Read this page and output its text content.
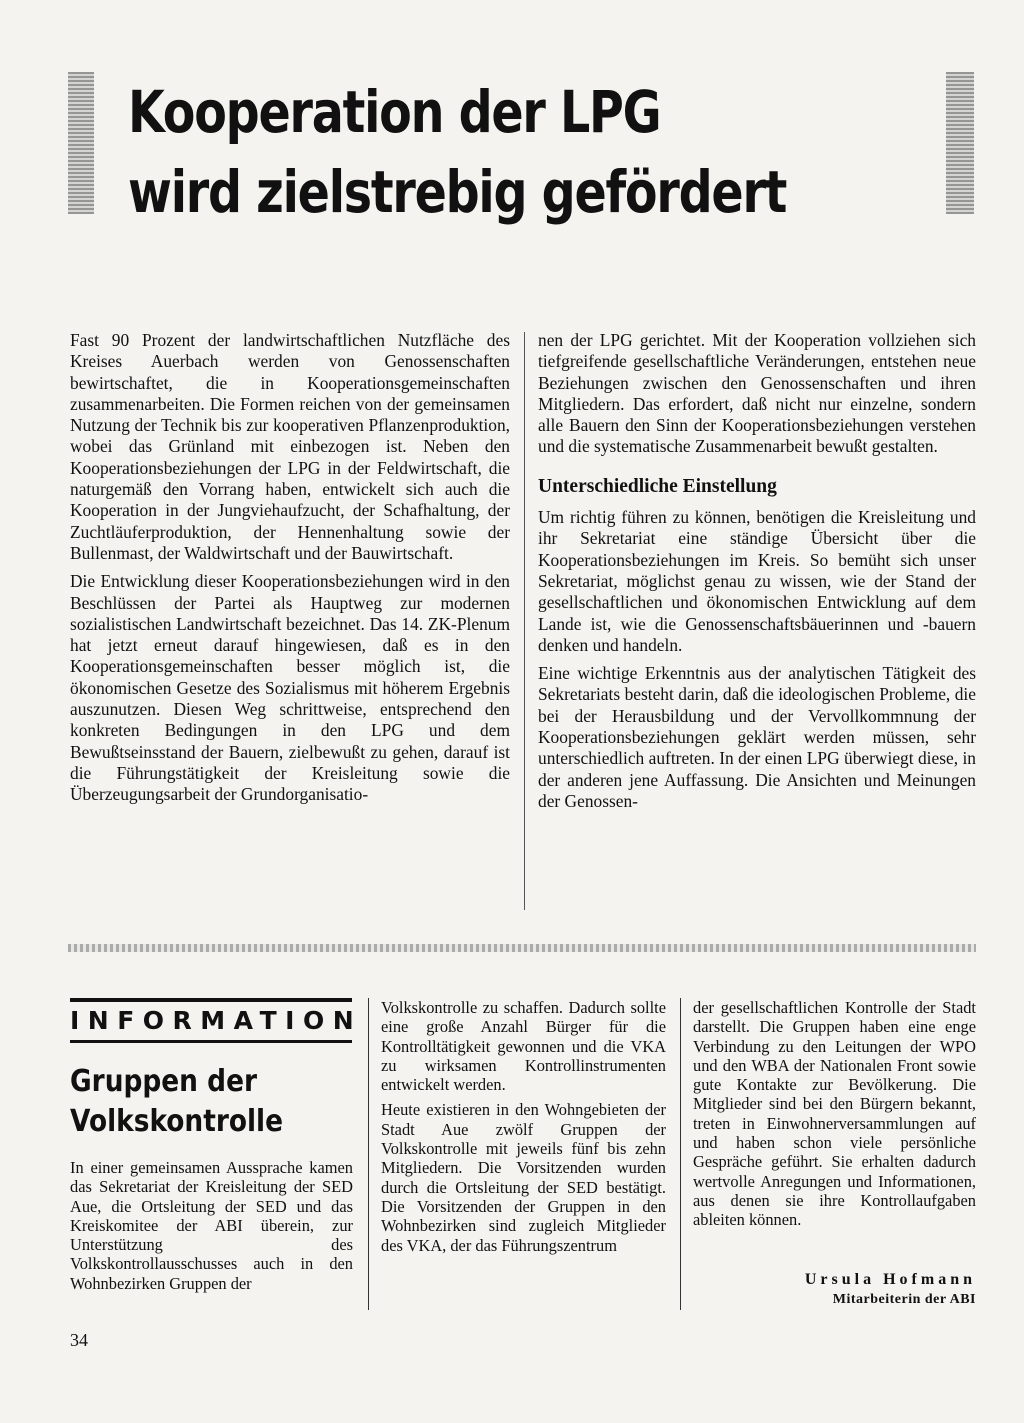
Kooperation der LPG
wird zielstrebig gefördert

Fast 90 Prozent der landwirtschaftlichen Nutzfläche des Kreises Auerbach werden von Genossenschaften bewirtschaftet, die in Kooperationsgemeinschaften zusammenarbeiten. Die Formen reichen von der gemeinsamen Nutzung der Technik bis zur kooperativen Pflanzenproduktion, wobei das Grünland mit einbezogen ist. Neben den Kooperationsbeziehungen der LPG in der Feldwirtschaft, die naturgemäß den Vorrang haben, entwickelt sich auch die Kooperation in der Jungviehaufzucht, der Schafhaltung, der Zuchtläuferproduktion, der Hennenhaltung sowie der Bullenmast, der Waldwirtschaft und der Bauwirtschaft.

Die Entwicklung dieser Kooperationsbeziehungen wird in den Beschlüssen der Partei als Hauptweg zur modernen sozialistischen Landwirtschaft bezeichnet. Das 14. ZK-Plenum hat jetzt erneut darauf hingewiesen, daß es in den Kooperationsgemeinschaften besser möglich ist, die ökonomischen Gesetze des Sozialismus mit höherem Ergebnis auszunutzen. Diesen Weg schrittweise, entsprechend den konkreten Bedingungen in den LPG und dem Bewußtseinsstand der Bauern, zielbewußt zu gehen, darauf ist die Führungstätigkeit der Kreisleitung sowie die Überzeugungsarbeit der Grundorganisatio-

nen der LPG gerichtet. Mit der Kooperation vollziehen sich tiefgreifende gesellschaftliche Veränderungen, entstehen neue Beziehungen zwischen den Genossenschaften und ihren Mitgliedern. Das erfordert, daß nicht nur einzelne, sondern alle Bauern den Sinn der Kooperationsbeziehungen verstehen und die systematische Zusammenarbeit bewußt gestalten.

Unterschiedliche Einstellung

Um richtig führen zu können, benötigen die Kreisleitung und ihr Sekretariat eine ständige Übersicht über die Kooperationsbeziehungen im Kreis. So bemüht sich unser Sekretariat, möglichst genau zu wissen, wie der Stand der gesellschaftlichen und ökonomischen Entwicklung auf dem Lande ist, wie die Genossenschaftsbäuerinnen und -bauern denken und handeln.

Eine wichtige Erkenntnis aus der analytischen Tätigkeit des Sekretariats besteht darin, daß die ideologischen Probleme, die bei der Herausbildung und der Vervollkommnung der Kooperationsbeziehungen geklärt werden müssen, sehr unterschiedlich auftreten. In der einen LPG überwiegt diese, in der anderen jene Auffassung. Die Ansichten und Meinungen der Genossen-

INFORMATION
Gruppen der
Volkskontrolle

In einer gemeinsamen Aussprache kamen das Sekretariat der Kreisleitung der SED Aue, die Ortsleitung der SED und das Kreiskomitee der ABI überein, zur Unterstützung des Volkskontrollausschusses auch in den Wohnbezirken Gruppen der

Volkskontrolle zu schaffen. Dadurch sollte eine große Anzahl Bürger für die Kontrolltätigkeit gewonnen und die VKA zu wirksamen Kontrollinstrumenten entwickelt werden.

Heute existieren in den Wohngebieten der Stadt Aue zwölf Gruppen der Volkskontrolle mit jeweils fünf bis zehn Mitgliedern. Die Vorsitzenden wurden durch die Ortsleitung der SED bestätigt. Die Vorsitzenden der Gruppen in den Wohnbezirken sind zugleich Mitglieder des VKA, der das Führungszentrum

der gesellschaftlichen Kontrolle der Stadt darstellt. Die Gruppen haben eine enge Verbindung zu den Leitungen der WPO und den WBA der Nationalen Front sowie gute Kontakte zur Bevölkerung. Die Mitglieder sind bei den Bürgern bekannt, treten in Einwohnerversammlungen auf und haben schon viele persönliche Gespräche geführt. Sie erhalten dadurch wertvolle Anregungen und Informationen, aus denen sie ihre Kontrollaufgaben ableiten können.

Ursula Hofmann
Mitarbeiterin der ABI
34
